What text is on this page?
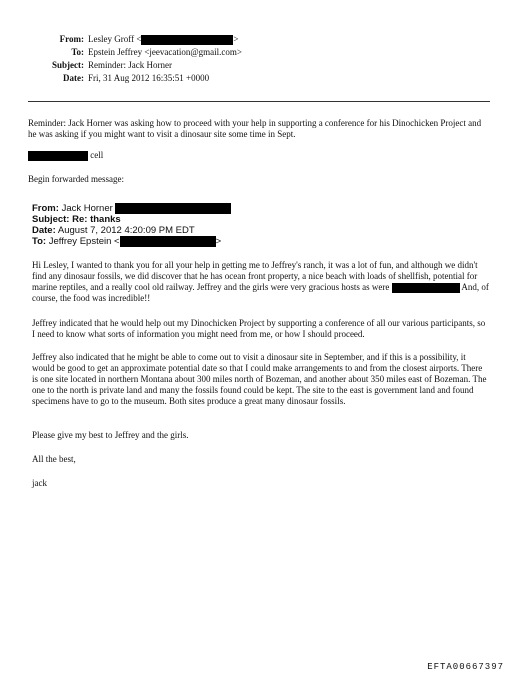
From: Lesley Groff <	>
To: Epstein Jeffrey <jeevacation@gmail.com>
Subject: Reminder: Jack Horner
Date: Fri, 31 Aug 2012 16:35:51 +0000
Reminder: Jack Horner was asking how to proceed with your help in supporting a conference for his Dinochicken Project and he was asking if you might want to visit a dinosaur site some time in Sept.
cell
Begin forwarded message:
From: Jack Horner
Subject: Re: thanks
Date: August 7, 2012 4:20:09 PM EDT
To: Jeffrey Epstein <	>
Hi Lesley, I wanted to thank you for all your help in getting me to Jeffrey's ranch, it was a lot of fun, and although we didn't find any dinosaur fossils, we did discover that he has ocean front property, a nice beach with loads of shellfish, potential for marine reptiles, and a really cool old railway. Jeffrey and the girls were very gracious hosts as were	And, of course, the food was incredible!!
Jeffrey indicated that he would help out my Dinochicken Project by supporting a conference of all our various participants, so I need to know what sorts of information you might need from me, or how I should proceed.
Jeffrey also indicated that he might be able to come out to visit a dinosaur site in September, and if this is a possibility, it would be good to get an approximate potential date so that I could make arrangements to and from the closest airports. There is one site located in northern Montana about 300 miles north of Bozeman, and another about 350 miles east of Bozeman. The one to the north is private land and many the fossils found could be kept. The site to the east is government land and found specimens have to go to the museum. Both sites produce a great many dinosaur fossils.
Please give my best to Jeffrey and the girls.
All the best,
jack
EFTA00667397
